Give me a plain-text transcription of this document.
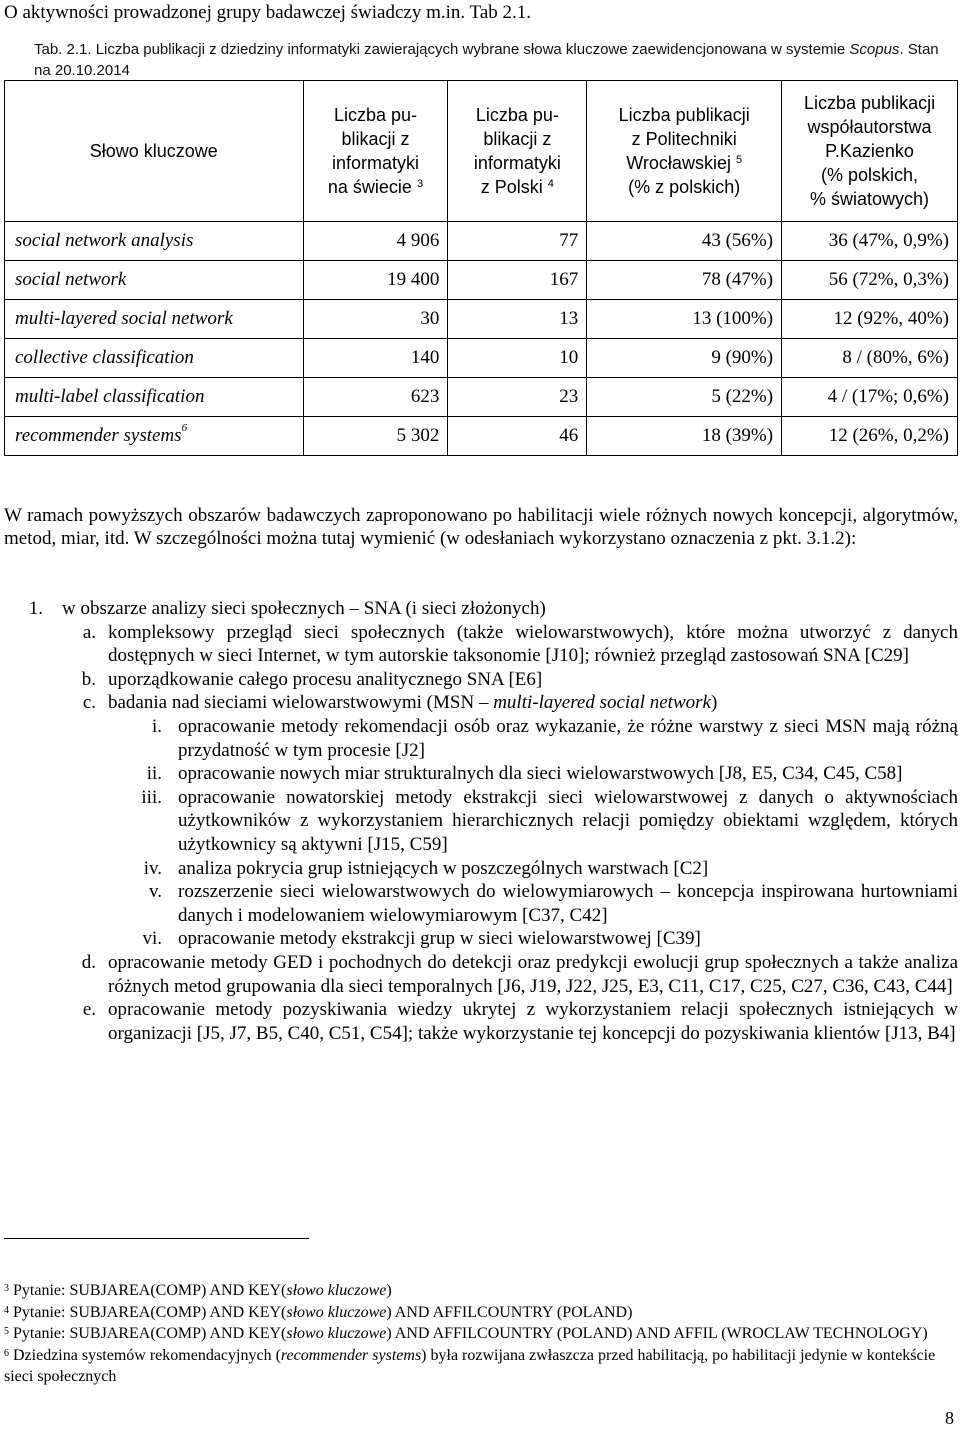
O aktywności prowadzonej grupy badawczej świadczy m.in. Tab 2.1.
Tab. 2.1. Liczba publikacji z dziedziny informatyki zawierających wybrane słowa kluczowe zaewidencjonowana w systemie Scopus. Stan na 20.10.2014
Słowo kluczowe	Liczba pu-
blikacji z
informatyki
na świecie $^3$	Liczba pu-
blikacji z
informatyki
z Polski $^4$	Liczba publikacji
z Politechniki
Wrocławskiej $^5$
(% z polskich)	Liczba publikacji
współautorstwa
P.Kazienko
(% polskich,
% światowych)
social network analysis	4 906	77	43 (56%)	36 (47%, 0,9%)
social network	19 400	167	78 (47%)	56 (72%, 0,3%)
multi-layered social network	30	13	13 (100%)	12 (92%, 40%)
collective classification	140	10	9 (90%)	8 / (80%, 6%)
multi-label classification	623	23	5 (22%)	4 / (17%; 0,6%)
recommender systems$^6$	5 302	46	18 (39%)	12 (26%, 0,2%)
W ramach powyższych obszarów badawczych zaproponowano po habilitacji wiele różnych nowych koncepcji, algorytmów, metod, miar, itd. W szczególności można tutaj wymienić (w odesłaniach wykorzystano oznaczenia z pkt. 3.1.2):
1. w obszarze analizy sieci społecznych – SNA (i sieci złożonych)
a. kompleksowy przegląd sieci społecznych (także wielowarstwowych), które można utworzyć z danych dostępnych w sieci Internet, w tym autorskie taksonomie [J10]; również przegląd zastosowań SNA [C29]
b. uporządkowanie całego procesu analitycznego SNA [E6]
c. badania nad sieciami wielowarstwowymi (MSN – multi-layered social network)
i. opracowanie metody rekomendacji osób oraz wykazanie, że różne warstwy z sieci MSN mają różną przydatność w tym procesie [J2]
ii. opracowanie nowych miar strukturalnych dla sieci wielowarstwowych [J8, E5, C34, C45, C58]
iii. opracowanie nowatorskiej metody ekstrakcji sieci wielowarstwowej z danych o aktywnościach użytkowników z wykorzystaniem hierarchicznych relacji pomiędzy obiektami względem, których użytkownicy są aktywni [J15, C59]
iv. analiza pokrycia grup istniejących w poszczególnych warstwach [C2]
v. rozszerzenie sieci wielowarstwowych do wielowymiarowych – koncepcja inspirowana hurtowniami danych i modelowaniem wielowymiarowym [C37, C42]
vi. opracowanie metody ekstrakcji grup w sieci wielowarstwowej [C39]
d. opracowanie metody GED i pochodnych do detekcji oraz predykcji ewolucji grup społecznych a także analiza różnych metod grupowania dla sieci temporalnych [J6, J19, J22, J25, E3, C11, C17, C25, C27, C36, C43, C44]
e. opracowanie metody pozyskiwania wiedzy ukrytej z wykorzystaniem relacji społecznych istniejących w organizacji [J5, J7, B5, C40, C51, C54]; także wykorzystanie tej koncepcji do pozyskiwania klientów [J13, B4]
$^3$ Pytanie: SUBJAREA(COMP) AND KEY(słowo kluczowe)
$^4$ Pytanie: SUBJAREA(COMP) AND KEY(słowo kluczowe) AND AFFILCOUNTRY (POLAND)
$^5$ Pytanie: SUBJAREA(COMP) AND KEY(słowo kluczowe) AND AFFILCOUNTRY (POLAND) AND AFFIL (WROCLAW TECHNOLOGY)
$^6$ Dziedzina systemów rekomendacyjnych (recommender systems) była rozwijana zwłaszcza przed habilitacją, po habilitacji jedynie w kontekście sieci społecznych
8
